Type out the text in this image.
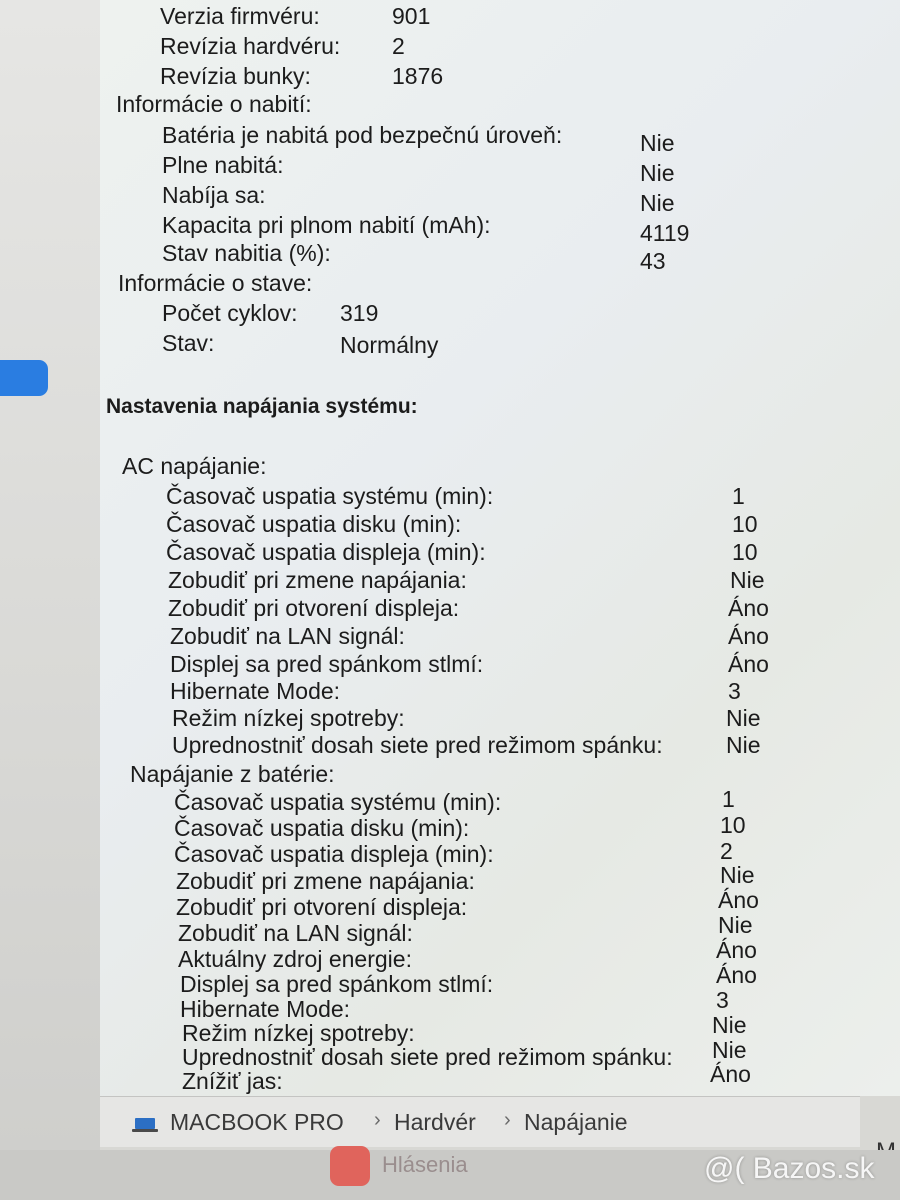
Verzia firmvéru:	901
Revízia hardvéru: 2
Revízia bunky:	1876
Informácie o nabití:
Batéria je nabitá pod bezpečnú úroveň:	Nie
Plne nabitá:	Nie
Nabíja sa:	Nie
Kapacita pri plnom nabití (mAh):	4119
Stav nabitia (%):	43
Informácie o stave:
Počet cyklov: 319
Stav:	Normálny
Nastavenia napájania systému:
AC napájanie:
Časovač uspatia systému (min):	1
Časovač uspatia disku (min):	10
Časovač uspatia displeja (min):	10
Zobudiť pri zmene napájania:	Nie
Zobudiť pri otvorení displeja:	Áno
Zobudiť na LAN signál:	Áno
Displej sa pred spánkom stlmí:	Áno
Hibernate Mode:	3
Režim nízkej spotreby:	Nie
Uprednostniť dosah siete pred režimom spánku:	Nie
Napájanie z batérie:
Časovač uspatia systému (min):	1
Časovač uspatia disku (min):	10
Časovač uspatia displeja (min):	2
Zobudiť pri zmene napájania:	Nie
Zobudiť pri otvorení displeja:	Áno
Zobudiť na LAN signál:	Nie
Aktuálny zdroj energie:	Áno
Displej sa pred spánkom stlmí:	Áno
Hibernate Mode:	3
Režim nízkej spotreby:	Nie
Uprednostniť dosah siete pred režimom spánku: Nie
Znížiť jas:	Áno
MACBOOK PRO › Hardvér › Napájanie
Hlásenia	@( Bazos.sk
